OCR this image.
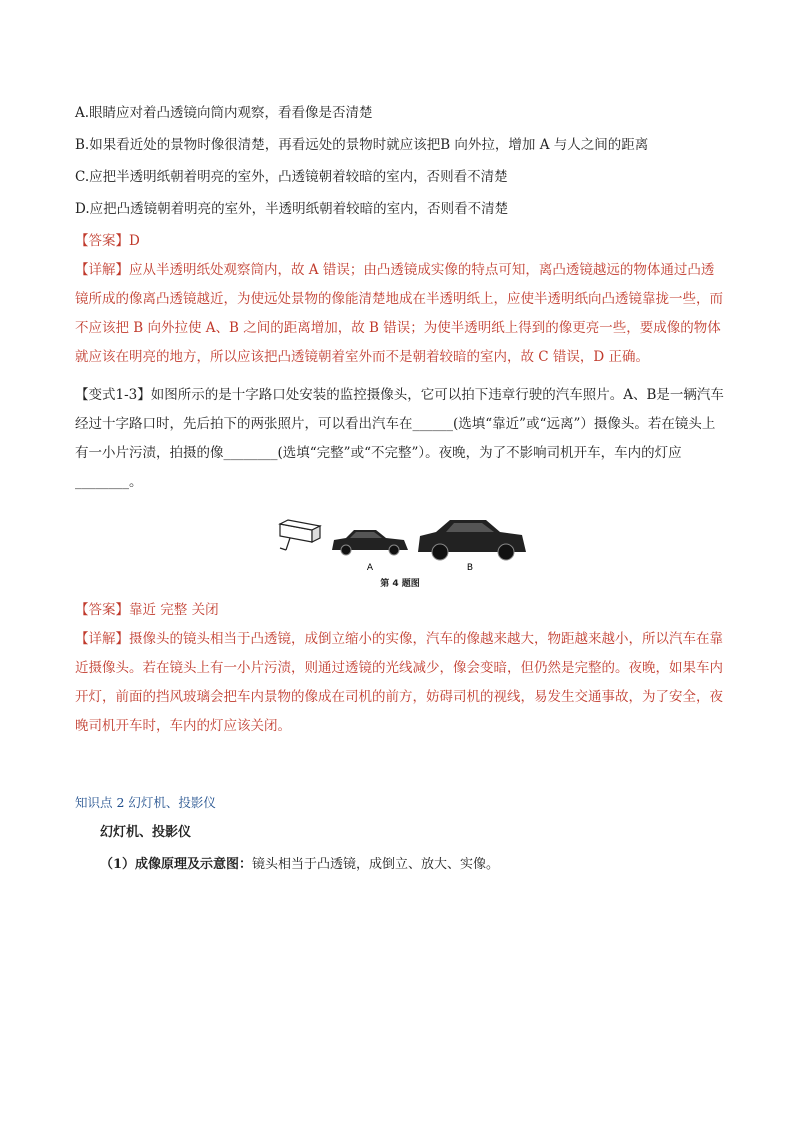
A.眼睛应对着凸透镜向筒内观察，看看像是否清楚
B.如果看近处的景物时像很清楚，再看远处的景物时就应该把B 向外拉，增加 A 与人之间的距离
C.应把半透明纸朝着明亮的室外，凸透镜朝着较暗的室内，否则看不清楚
D.应把凸透镜朝着明亮的室外，半透明纸朝着较暗的室内，否则看不清楚
【答案】D
【详解】应从半透明纸处观察筒内，故 A 错误；由凸透镜成实像的特点可知，离凸透镜越远的物体通过凸透镜所成的像离凸透镜越近，为使远处景物的像能清楚地成在半透明纸上，应使半透明纸向凸透镜靠拢一些，而不应该把 B 向外拉使 A、B 之间的距离增加，故 B 错误；为使半透明纸上得到的像更亮一些，要成像的物体就应该在明亮的地方，所以应该把凸透镜朝着室外而不是朝着较暗的室内，故 C 错误，D 正确。
【变式1-3】如图所示的是十字路口处安装的监控摄像头，它可以拍下违章行驶的汽车照片。A、B是一辆汽车经过十字路口时，先后拍下的两张照片，可以看出汽车在______(选填“靠近”或“远离”）摄像头。若在镜头上有一小片污渍，拍摄的像________(选填“完整”或“不完整”）。夜晚，为了不影响司机开车，车内的灯应________。
A	B
第 4 题图
【答案】靠近 完整 关闭
【详解】摄像头的镜头相当于凸透镜，成倒立缩小的实像，汽车的像越来越大，物距越来越小，所以汽车在靠近摄像头。若在镜头上有一小片污渍，则通过透镜的光线减少，像会变暗，但仍然是完整的。夜晚，如果车内开灯，前面的挡风玻璃会把车内景物的像成在司机的前方，妨碍司机的视线，易发生交通事故，为了安全，夜晚司机开车时，车内的灯应该关闭。
知识点 2 幻灯机、投影仪
幻灯机、投影仪
（1）成像原理及示意图：镜头相当于凸透镜，成倒立、放大、实像。
